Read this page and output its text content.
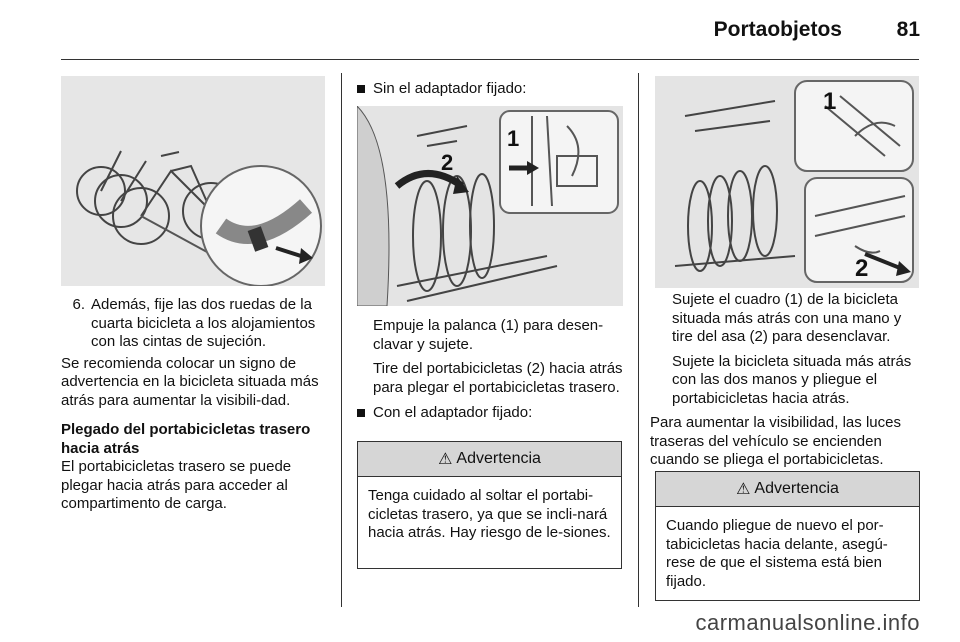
Portaobjetos	81
6. Además, fije las dos ruedas de la cuarta bicicleta a los alojamientos con las cintas de sujeción.

Se recomienda colocar un signo de advertencia en la bicicleta situada más atrás para aumentar la visibili-dad.

Plegado del portabicicletas trasero hacia atrás

El portabicicletas trasero se puede plegar hacia atrás para acceder al compartimento de carga.

Sin el adaptador fijado:
2
1

Empuje la palanca (1) para desen-clavar y sujete.

Tire del portabicicletas (2) hacia atrás para plegar el portabicicletas trasero.

Con el adaptador fijado:
⚠ Advertencia
Tenga cuidado al soltar el portabi-cicletas trasero, ya que se incli-nará hacia atrás. Hay riesgo de le-siones.
1
2

Sujete el cuadro (1) de la bicicleta situada más atrás con una mano y tire del asa (2) para desenclavar.

Sujete la bicicleta situada más atrás con las dos manos y pliegue el portabicicletas hacia atrás.

Para aumentar la visibilidad, las luces traseras del vehículo se encienden cuando se pliega el portabicicletas.

⚠ Advertencia
Cuando pliegue de nuevo el por-tabicicletas hacia delante, asegú-rese de que el sistema está bien fijado.
carmanualsonline.info
